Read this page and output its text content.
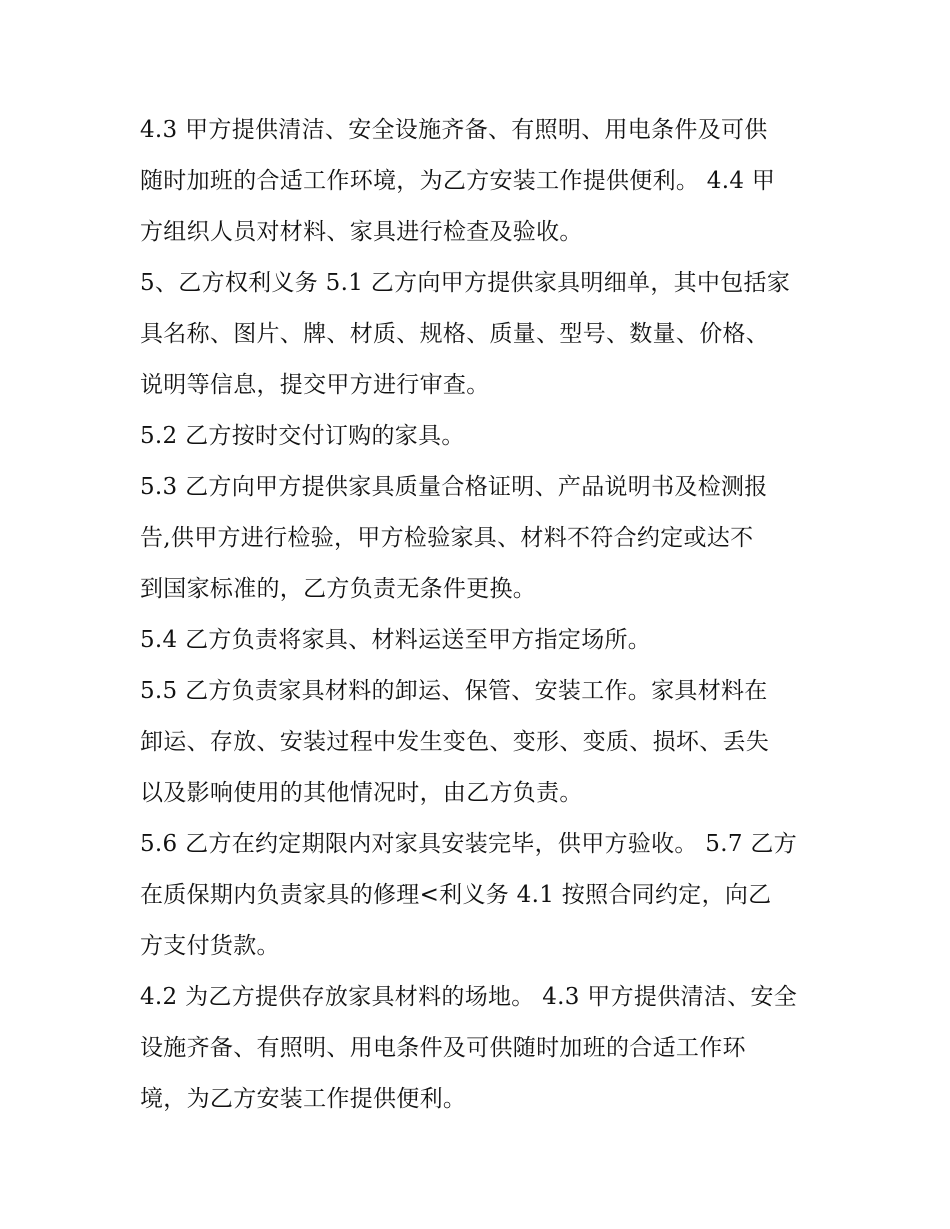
4.3 甲方提供清洁、安全设施齐备、有照明、用电条件及可供
随时加班的合适工作环境，为乙方安装工作提供便利。 4.4 甲
方组织人员对材料、家具进行检查及验收。

5、乙方权利义务 5.1 乙方向甲方提供家具明细单，其中包括家
具名称、图片、牌、材质、规格、质量、型号、数量、价格、
说明等信息，提交甲方进行审查。

5.2 乙方按时交付订购的家具。

5.3 乙方向甲方提供家具质量合格证明、产品说明书及检测报
告,供甲方进行检验，甲方检验家具、材料不符合约定或达不
到国家标准的，乙方负责无条件更换。

5.4 乙方负责将家具、材料运送至甲方指定场所。

5.5 乙方负责家具材料的卸运、保管、安装工作。家具材料在
卸运、存放、安装过程中发生变色、变形、变质、损坏、丢失
以及影响使用的其他情况时，由乙方负责。

5.6 乙方在约定期限内对家具安装完毕，供甲方验收。 5.7 乙方
在质保期内负责家具的修理<利义务 4.1 按照合同约定，向乙
方支付货款。

4.2 为乙方提供存放家具材料的场地。 4.3 甲方提供清洁、安全
设施齐备、有照明、用电条件及可供随时加班的合适工作环
境，为乙方安装工作提供便利。
